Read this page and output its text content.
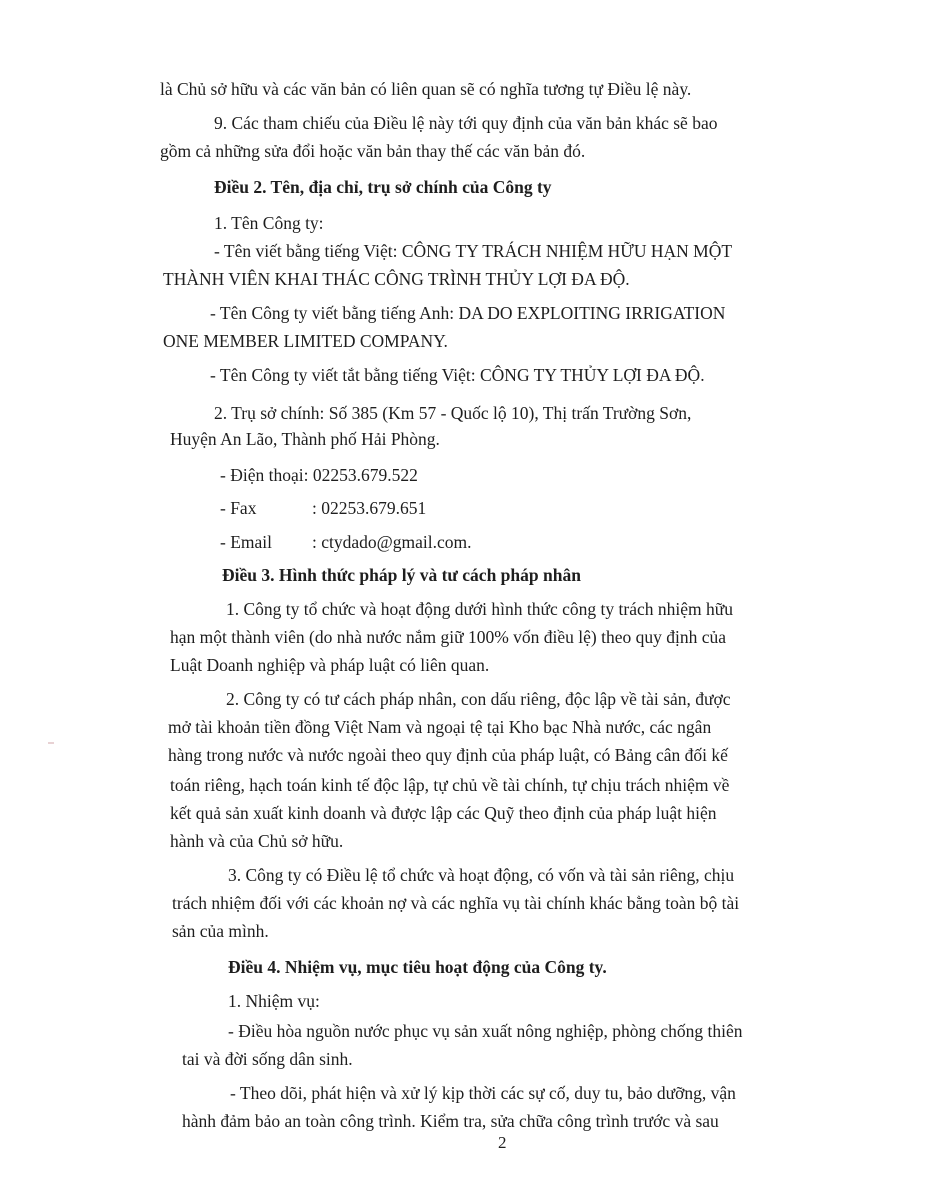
là Chủ sở hữu và các văn bản có liên quan sẽ có nghĩa tương tự Điều lệ này.
9. Các tham chiếu của Điều lệ này tới quy định của văn bản khác sẽ bao
gồm cả những sửa đổi hoặc văn bản thay thế các văn bản đó.
Điều 2. Tên, địa chỉ, trụ sở chính của Công ty
1. Tên Công ty:
- Tên viết bằng tiếng Việt: CÔNG TY TRÁCH NHIỆM HỮU HẠN MỘT
THÀNH VIÊN KHAI THÁC CÔNG TRÌNH THỦY LỢI ĐA ĐỘ.
- Tên Công ty viết bằng tiếng Anh: DA DO EXPLOITING IRRIGATION
ONE MEMBER LIMITED COMPANY.
- Tên Công ty viết tắt bằng tiếng Việt: CÔNG TY THỦY LỢI ĐA ĐỘ.
2. Trụ sở chính: Số 385 (Km 57 - Quốc lộ 10), Thị trấn Trường Sơn,
Huyện An Lão, Thành phố Hải Phòng.
- Điện thoại: 02253.679.522
- Fax	: 02253.679.651
- Email : ctydado@gmail.com.
Điều 3. Hình thức pháp lý và tư cách pháp nhân
1. Công ty tổ chức và hoạt động dưới hình thức công ty trách nhiệm hữu
hạn một thành viên (do nhà nước nắm giữ 100% vốn điều lệ) theo quy định của
Luật Doanh nghiệp và pháp luật có liên quan.
2. Công ty có tư cách pháp nhân, con dấu riêng, độc lập về tài sản, được
mở tài khoản tiền đồng Việt Nam và ngoại tệ tại Kho bạc Nhà nước, các ngân
hàng trong nước và nước ngoài theo quy định của pháp luật, có Bảng cân đối kế
toán riêng, hạch toán kinh tế độc lập, tự chủ về tài chính, tự chịu trách nhiệm về
kết quả sản xuất kinh doanh và được lập các Quỹ theo định của pháp luật hiện
hành và của Chủ sở hữu.
3. Công ty có Điều lệ tổ chức và hoạt động, có vốn và tài sản riêng, chịu
trách nhiệm đối với các khoản nợ và các nghĩa vụ tài chính khác bằng toàn bộ tài
sản của mình.
Điều 4. Nhiệm vụ, mục tiêu hoạt động của Công ty.
1. Nhiệm vụ:
- Điều hòa nguồn nước phục vụ sản xuất nông nghiệp, phòng chống thiên
tai và đời sống dân sinh.
- Theo dõi, phát hiện và xử lý kịp thời các sự cố, duy tu, bảo dưỡng, vận
hành đảm bảo an toàn công trình. Kiểm tra, sửa chữa công trình trước và sau
2
